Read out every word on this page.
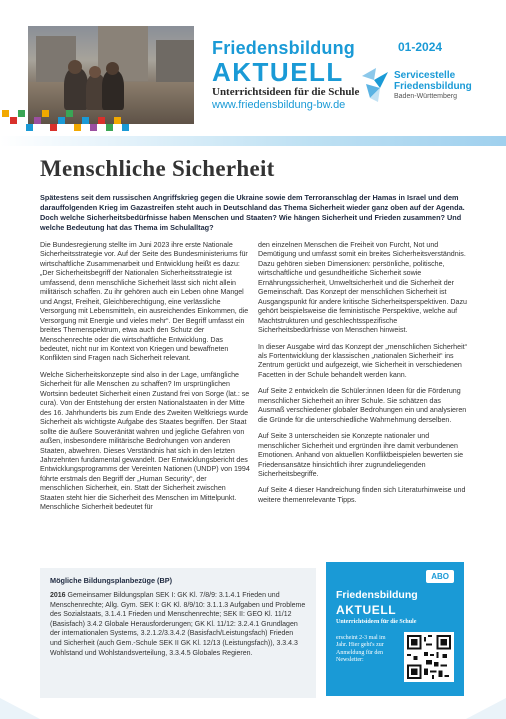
Friedensbildung
AKTUELL
Unterrichtsideen für die Schule
www.friedensbildung-bw.de
01-2024
Servicestelle
Friedensbildung
Baden-Württemberg
Menschliche Sicherheit

Spätestens seit dem russischen Angriffskrieg gegen die Ukraine sowie dem Terroranschlag der Hamas in Israel und dem darauffolgenden Krieg im Gazastreifen steht auch in Deutschland das Thema Sicherheit wieder ganz oben auf der Agenda. Doch welche Sicherheitsbedürfnisse haben Menschen und Staaten? Wie hängen Sicherheit und Frieden zusammen? Und welche Bedeutung hat das Thema im Schulalltag?

Die Bundesregierung stellte im Juni 2023 ihre erste Nationale Sicherheitsstrategie vor. Auf der Seite des Bundesministeriums für wirtschaftliche Zusammenarbeit und Entwicklung heißt es dazu: „Der Sicherheitsbegriff der Nationalen Sicherheitsstrategie ist umfassend, denn menschliche Sicherheit lässt sich nicht allein militärisch schaffen. Zu ihr gehören auch ein Leben ohne Mangel und Angst, Freiheit, Gleichberechtigung, eine verlässliche Versorgung mit Lebensmitteln, ein ausreichendes Einkommen, die Versorgung mit Energie und vieles mehr“. Der Begriff umfasst ein breites Themenspektrum, etwa auch den Schutz der Menschenrechte oder die wirtschaftliche Entwicklung. Das bedeutet, nicht nur im Kontext von Kriegen und bewaffneten Konflikten sind Fragen nach Sicherheit relevant.

Welche Sicherheitskonzepte sind also in der Lage, umfängliche Sicherheit für alle Menschen zu schaffen? Im ursprünglichen Wortsinn bedeutet Sicherheit einen Zustand frei von Sorge (lat.: se cura). Von der Entstehung der ersten Nationalstaaten in der Mitte des 16. Jahrhunderts bis zum Ende des Zweiten Weltkriegs wurde Sicherheit als wichtigste Aufgabe des Staates begriffen. Der Staat sollte die äußere Souveränität wahren und jegliche Gefahren von außen, insbesondere militärische Bedrohungen von anderen Staaten, abwehren. Dieses Verständnis hat sich in den letzten Jahrzehnten fundamental gewandelt. Der Entwicklungsbericht des Entwicklungsprogramms der Vereinten Nationen (UNDP) von 1994 führte erstmals den Begriff der „Human Security“, der menschlichen Sicherheit, ein. Statt der Sicherheit zwischen Staaten steht hier die Sicherheit des Menschen im Mittelpunkt. Menschliche Sicherheit bedeutet für

den einzelnen Menschen die Freiheit von Furcht, Not und Demütigung und umfasst somit ein breites Sicherheitsverständnis. Dazu gehören sieben Dimensionen: persönliche, politische, wirtschaftliche und gesundheitliche Sicherheit sowie Ernährungssicherheit, Umweltsicherheit und die Sicherheit der Gemeinschaft. Das Konzept der menschlichen Sicherheit ist Ausgangspunkt für andere kritische Sicherheitsperspektiven. Dazu gehört beispielsweise die feministische Perspektive, welche auf Machtstrukturen und geschlechtsspezifische Sicherheitsbedürfnisse von Menschen hinweist.

In dieser Ausgabe wird das Konzept der „menschlichen Sicherheit“ als Fortentwicklung der klassischen „nationalen Sicherheit“ ins Zentrum gerückt und aufgezeigt, wie Sicherheit in verschiedenen Facetten in der Schule behandelt werden kann.

Auf Seite 2 entwickeln die Schüler:innen Ideen für die Förderung menschlicher Sicherheit an ihrer Schule. Sie schätzen das Ausmaß verschiedener globaler Bedrohungen ein und analysieren die Gründe für die unterschiedliche Wahrnehmung derselben.

Auf Seite 3 unterscheiden sie Konzepte nationaler und menschlicher Sicherheit und ergründen ihre damit verbundenen Emotionen. Anhand von aktuellen Konfliktbeispielen bewerten sie Friedensansätze hinsichtlich ihrer zugrundeliegenden Sicherheitsbegriffe.

Auf Seite 4 dieser Handreichung finden sich Literaturhinweise und weitere themenrelevante Tipps.

Mögliche Bildungsplanbezüge (BP)
2016 Gemeinsamer Bildungsplan SEK I: GK Kl. 7/8/9: 3.1.4.1 Frieden und Menschenrechte; Allg. Gym. SEK I: GK Kl. 8/9/10: 3.1.1.3 Aufgaben und Probleme des Sozialstaats, 3.1.4.1 Frieden und Menschenrechte; SEK II: GEO Kl. 11/12 (Basisfach) 3.4.2 Globale Herausforderungen; GK Kl. 11/12: 3.2.4.1 Grundlagen der internationalen Systems, 3.2.1.2/3.3.4.2 (Basisfach/Leistungsfach) Frieden und Sicherheit (auch Gem.-Schule SEK II GK Kl. 12/13 (Leistungsfach)), 3.3.4.3 Wohlstand und Wohlstandsverteilung, 3.3.4.5 Globales Regieren.
ABO
Friedensbildung
AKTUELL
Unterrichtsideen für die Schule
erscheint 2-3 mal im Jahr. Hier geht's zur Anmeldung für den Newsletter:
